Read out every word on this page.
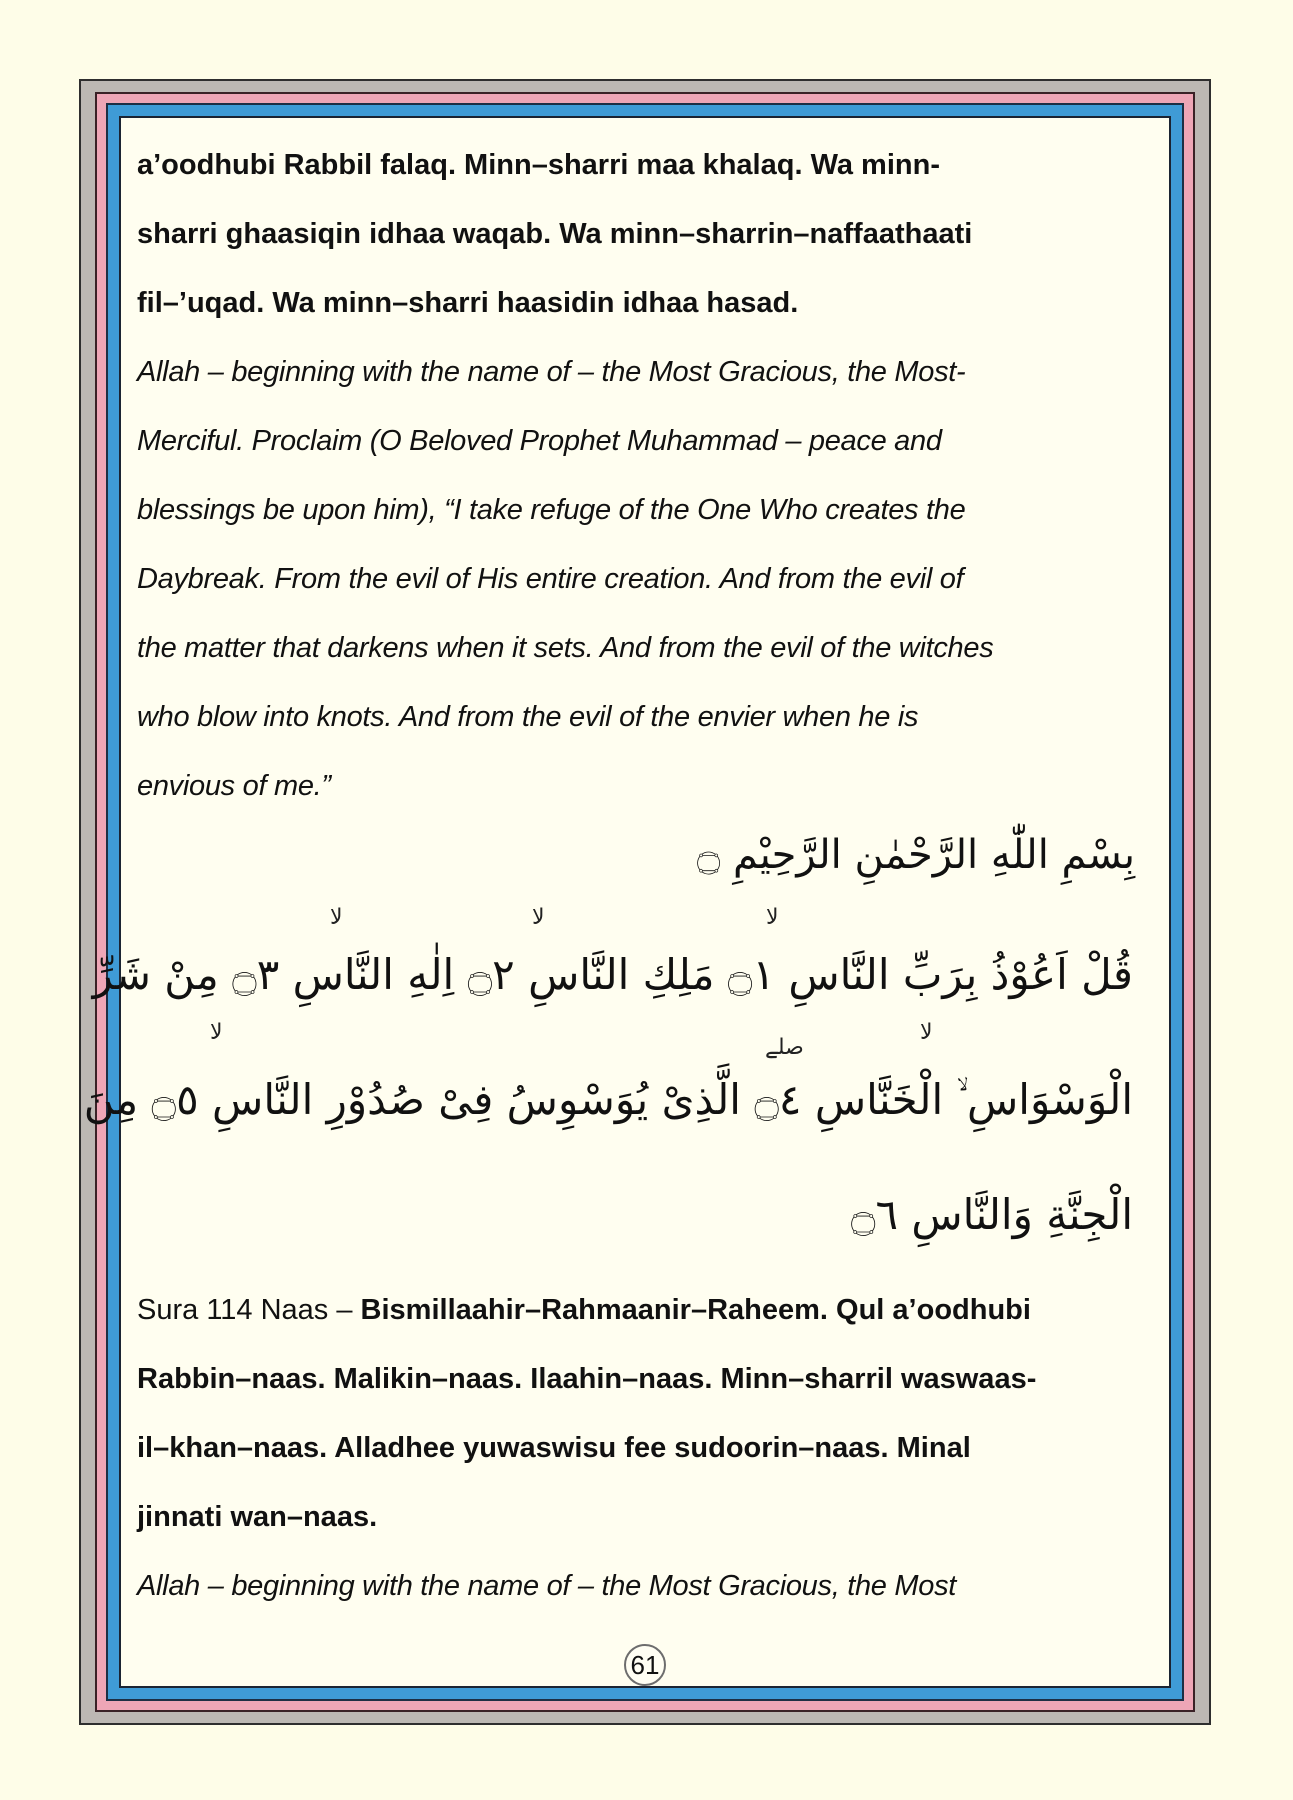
a’oodhubi Rabbil falaq. Minn–sharri maa khalaq. Wa minn-
sharri ghaasiqin idhaa waqab. Wa minn–sharrin–naffaathaati
fil–’uqad. Wa minn–sharri haasidin idhaa hasad.
Allah – beginning with the name of – the Most Gracious, the Most-
Merciful. Proclaim (O Beloved Prophet Muhammad – peace and
blessings be upon him), “I take refuge of the One Who creates the
Daybreak. From the evil of His entire creation. And from the evil of
the matter that darkens when it sets. And from the evil of the witches
who blow into knots. And from the evil of the envier when he is
envious of me.”
بِسْمِ اللّٰهِ الرَّحْمٰنِ الرَّحِيْمِ ۝
لا	لا	لا
قُلْ اَعُوْذُ بِرَبِّ النَّاسِ ۝١ مَلِكِ النَّاسِ ۝٢ اِلٰهِ النَّاسِ ۝٣ مِنْ شَرِّ
لا
صلے
لا
الْوَسْوَاسِ ۙ الْخَنَّاسِ ۝٤ الَّذِىْ يُوَسْوِسُ فِىْ صُدُوْرِ النَّاسِ ۝٥ مِنَ
الْجِنَّةِ وَالنَّاسِ ۝٦
Sura 114 Naas – Bismillaahir–Rahmaanir–Raheem. Qul a’oodhubi
Rabbin–naas. Malikin–naas. Ilaahin–naas. Minn–sharril waswaas-
il–khan–naas. Alladhee yuwaswisu fee sudoorin–naas. Minal
jinnati wan–naas.
Allah – beginning with the name of – the Most Gracious, the Most
61
